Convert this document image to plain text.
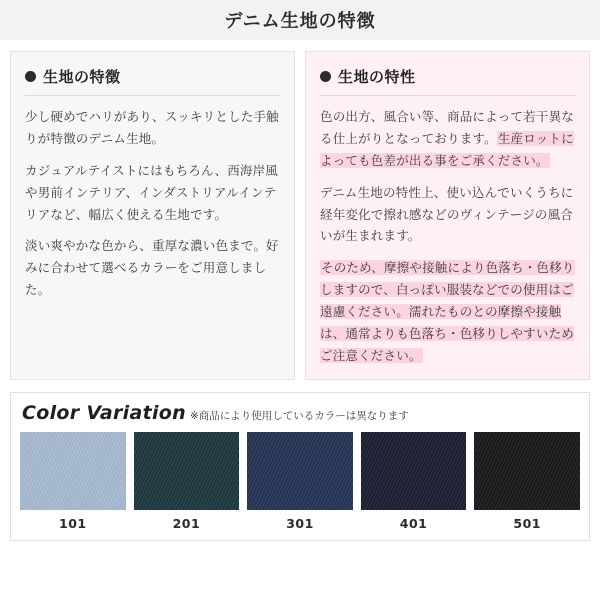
デニム生地の特徴
生地の特徴

少し硬めでハリがあり、スッキリとした手触りが特徴のデニム生地。

カジュアルテイストにはもちろん、西海岸風や男前インテリア、インダストリアルインテリアなど、幅広く使える生地です。

淡い爽やかな色から、重厚な濃い色まで。好みに合わせて選べるカラーをご用意しました。

生地の特性

色の出方、風合い等、商品によって若干異なる仕上がりとなっております。生産ロットによっても色差が出る事をご承ください。

デニム生地の特性上、使い込んでいくうちに経年変化で擦れ感などのヴィンテージの風合いが生まれます。

そのため、摩擦や接触により色落ち・色移りしますので、白っぽい服装などでの使用はご遠慮ください。濡れたものとの摩擦や接触は、通常よりも色落ち・色移りしやすいためご注意ください。

Color Variation ※商品により使用しているカラーは異なります
101	201	301	401	501
